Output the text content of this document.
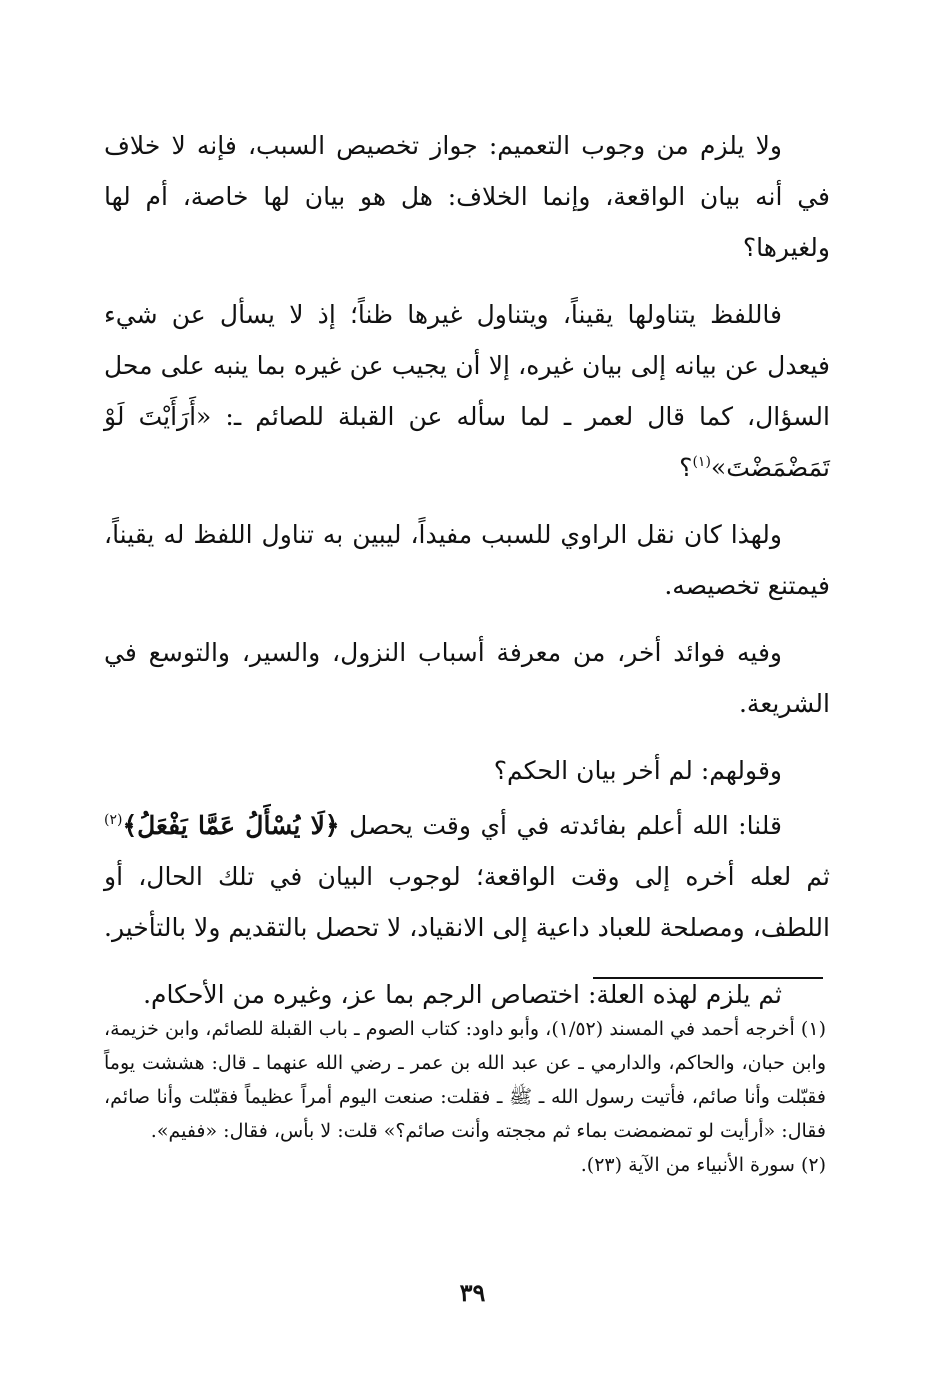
ولا يلزم من وجوب التعميم: جواز تخصيص السبب، فإنه لا خلاف في أنه بيان الواقعة، وإنما الخلاف: هل هو بيان لها خاصة، أم لها ولغيرها؟

فاللفظ يتناولها يقيناً، ويتناول غيرها ظناً؛ إذ لا يسأل عن شيء فيعدل عن بيانه إلى بيان غيره، إلا أن يجيب عن غيره بما ينبه على محل السؤال، كما قال لعمر ـ لما سأله عن القبلة للصائم ـ: «أَرَأَيْتَ لَوْ تَمَضْمَضْتَ»$^{(١)}$؟

ولهذا كان نقل الراوي للسبب مفيداً، ليبين به تناول اللفظ له يقيناً، فيمتنع تخصيصه.

وفيه فوائد أخر، من معرفة أسباب النزول، والسير، والتوسع في الشريعة.

وقولهم: لم أخر بيان الحكم؟

قلنا: الله أعلم بفائدته في أي وقت يحصل ﴿لَا يُسْأَلُ عَمَّا يَفْعَلُ﴾$^{(٢)}$ ثم لعله أخره إلى وقت الواقعة؛ لوجوب البيان في تلك الحال، أو اللطف، ومصلحة للعباد داعية إلى الانقياد، لا تحصل بالتقديم ولا بالتأخير.

ثم يلزم لهذه العلة: اختصاص الرجم بما عز، وغيره من الأحكام.

(١) أخرجه أحمد في المسند (١/٥٢)، وأبو داود: كتاب الصوم ـ باب القبلة للصائم، وابن خزيمة، وابن حبان، والحاكم، والدارمي ـ عن عبد الله بن عمر ـ رضي الله عنهما ـ قال: هششت يوماً فقبّلت وأنا صائم، فأتيت رسول الله ـ ﷺ ـ فقلت: صنعت اليوم أمراً عظيماً فقبّلت وأنا صائم، فقال: «أرأيت لو تمضمضت بماء ثم مججته وأنت صائم؟» قلت: لا بأس، فقال: «ففيم».

(٢) سورة الأنبياء من الآية (٢٣).

٣٩
